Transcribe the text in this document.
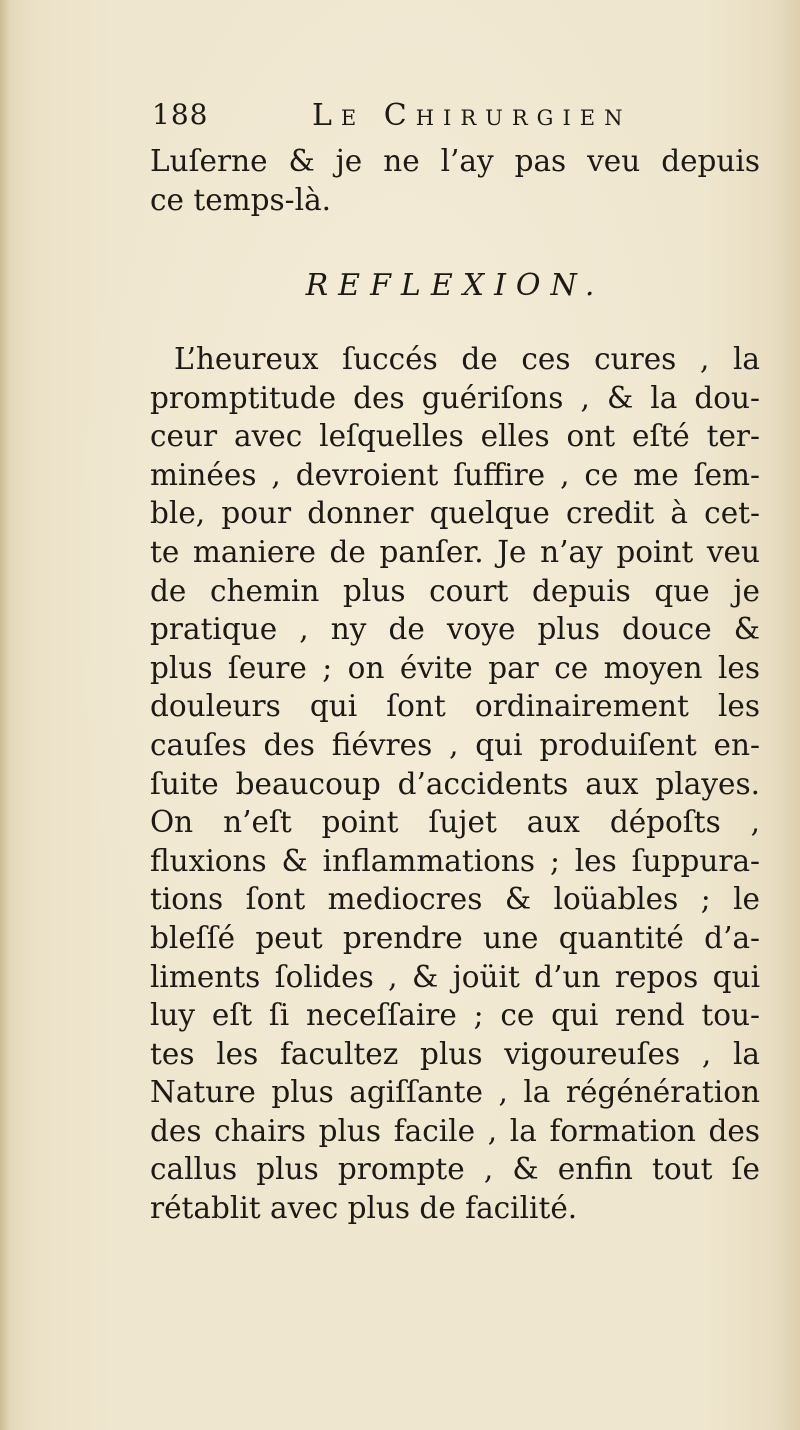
188	Le Chirurgien
Luſerne & je ne l’ay pas veu depuis
ce temps-là.
REFLEXION.
L’heureux ſuccés de ces cures , la
promptitude des guériſons , & la dou-
ceur avec leſquelles elles ont eſté ter-
minées , devroient ſuffire , ce me ſem-
ble, pour donner quelque credit à cet-
te maniere de panſer. Je n’ay point veu
de chemin plus court depuis que je
pratique , ny de voye plus douce &
plus ſeure ; on évite par ce moyen les
douleurs qui ſont ordinairement les
cauſes des fiévres , qui produiſent en-
ſuite beaucoup d’accidents aux playes.
On n’eſt point ſujet aux dépoſts ,
fluxions & inflammations ; les ſuppura-
tions ſont mediocres & loüables ; le
bleſſé peut prendre une quantité d’a-
liments ſolides , & joüit d’un repos qui
luy eſt ſi neceſſaire ; ce qui rend tou-
tes les facultez plus vigoureuſes , la
Nature plus agiſſante , la régénération
des chairs plus facile , la formation des
callus plus prompte , & enfin tout ſe
rétablit avec plus de facilité.
